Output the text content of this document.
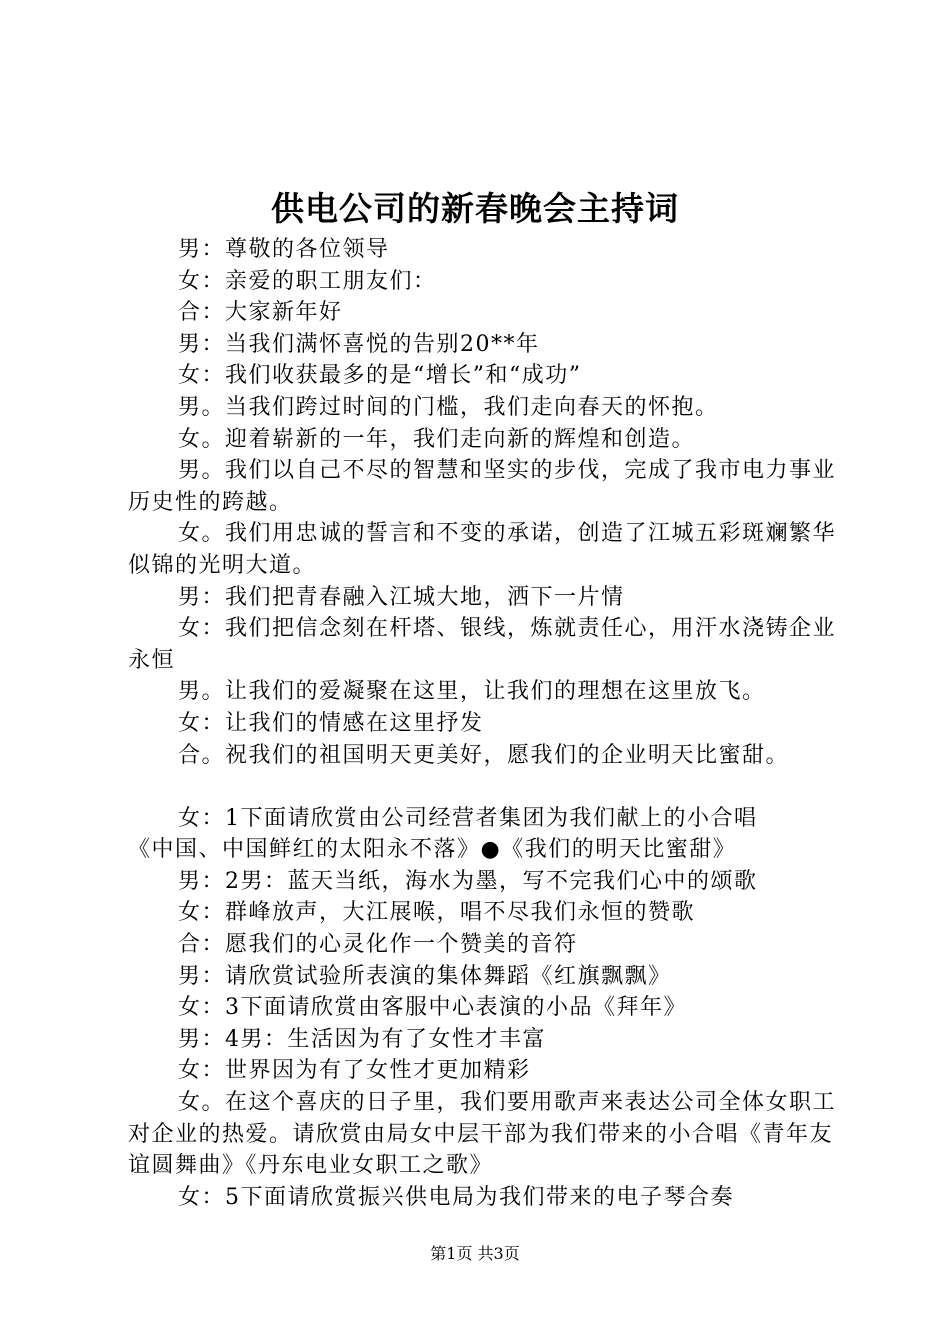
供电公司的新春晚会主持词

男：尊敬的各位领导

女：亲爱的职工朋友们：

合：大家新年好

男：当我们满怀喜悦的告别20**年

女：我们收获最多的是“增长”和“成功”

男。当我们跨过时间的门槛，我们走向春天的怀抱。

女。迎着崭新的一年，我们走向新的辉煌和创造。

男。我们以自己不尽的智慧和坚实的步伐，完成了我市电力事业历史性的跨越。

女。我们用忠诚的誓言和不变的承诺，创造了江城五彩斑斓繁华似锦的光明大道。

男：我们把青春融入江城大地，洒下一片情

女：我们把信念刻在杆塔、银线，炼就责任心，用汗水浇铸企业永恒

男。让我们的爱凝聚在这里，让我们的理想在这里放飞。

女：让我们的情感在这里抒发

合。祝我们的祖国明天更美好，愿我们的企业明天比蜜甜。

女：1下面请欣赏由公司经营者集团为我们献上的小合唱

《中国、中国鲜红的太阳永不落》●《我们的明天比蜜甜》

男：2男：蓝天当纸，海水为墨，写不完我们心中的颂歌

女：群峰放声，大江展喉，唱不尽我们永恒的赞歌

合：愿我们的心灵化作一个赞美的音符

男：请欣赏试验所表演的集体舞蹈《红旗飘飘》

女：3下面请欣赏由客服中心表演的小品《拜年》

男：4男：生活因为有了女性才丰富

女：世界因为有了女性才更加精彩

女。在这个喜庆的日子里，我们要用歌声来表达公司全体女职工对企业的热爱。请欣赏由局女中层干部为我们带来的小合唱《青年友谊圆舞曲》《丹东电业女职工之歌》

女：5下面请欣赏振兴供电局为我们带来的电子琴合奏

第1页 共3页
